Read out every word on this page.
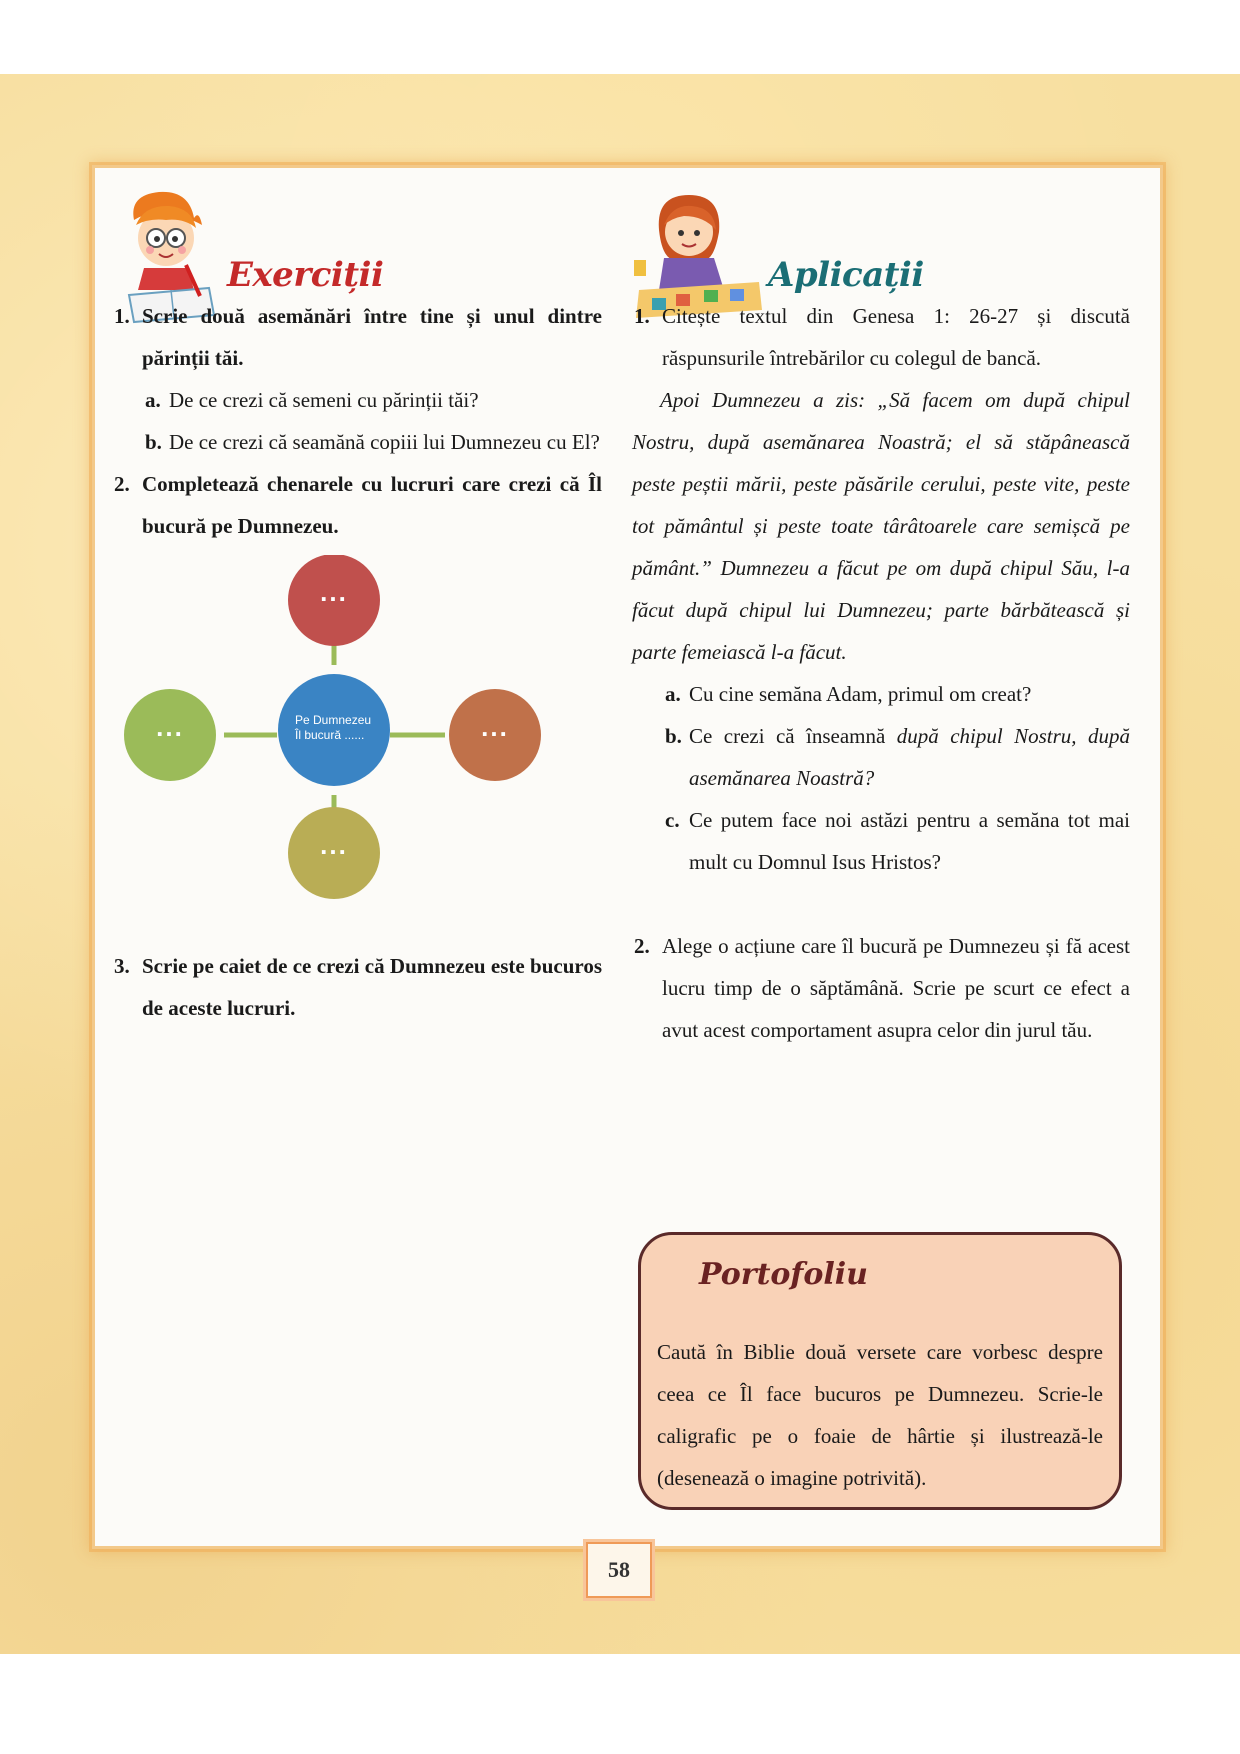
Exerciții
1. Scrie două asemănări între tine și unul dintre părinții tăi.
a. De ce crezi că semeni cu părinții tăi?
b. De ce crezi că seamănă copiii lui Dumnezeu cu El?
2. Completează chenarele cu lucruri care crezi că Îl bucură pe Dumnezeu.
...
...	...
...
Pe Dumnezeu
Îl bucură ......
3. Scrie pe caiet de ce crezi că Dumnezeu este bucuros de aceste lucruri.
Aplicații
1. Citește textul din Genesa 1: 26-27 și discută răspunsurile întrebărilor cu colegul de bancă.
Apoi Dumnezeu a zis: „Să facem om după chipul Nostru, după asemănarea Noastră; el să stăpânească peste peștii mării, peste păsările cerului, peste vite, peste tot pământul și peste toate târâtoarele care semișcă pe pământ.” Dumnezeu a făcut pe om după chipul Său, l-a făcut după chipul lui Dumnezeu; parte bărbătească și parte femeiască l-a făcut.
a. Cu cine semăna Adam, primul om creat?
b. Ce crezi că înseamnă după chipul Nostru, după asemănarea Noastră?
c. Ce putem face noi astăzi pentru a semăna tot mai mult cu Domnul Isus Hristos?
2. Alege o acțiune care îl bucură pe Dumnezeu și fă acest lucru timp de o săptămână. Scrie pe scurt ce efect a avut acest comportament asupra celor din jurul tău.
Portofoliu
Caută în Biblie două versete care vorbesc despre ceea ce Îl face bucuros pe Dumnezeu. Scrie-le caligrafic pe o foaie de hârtie și ilustrează-le (desenează o imagine potrivită).
58
